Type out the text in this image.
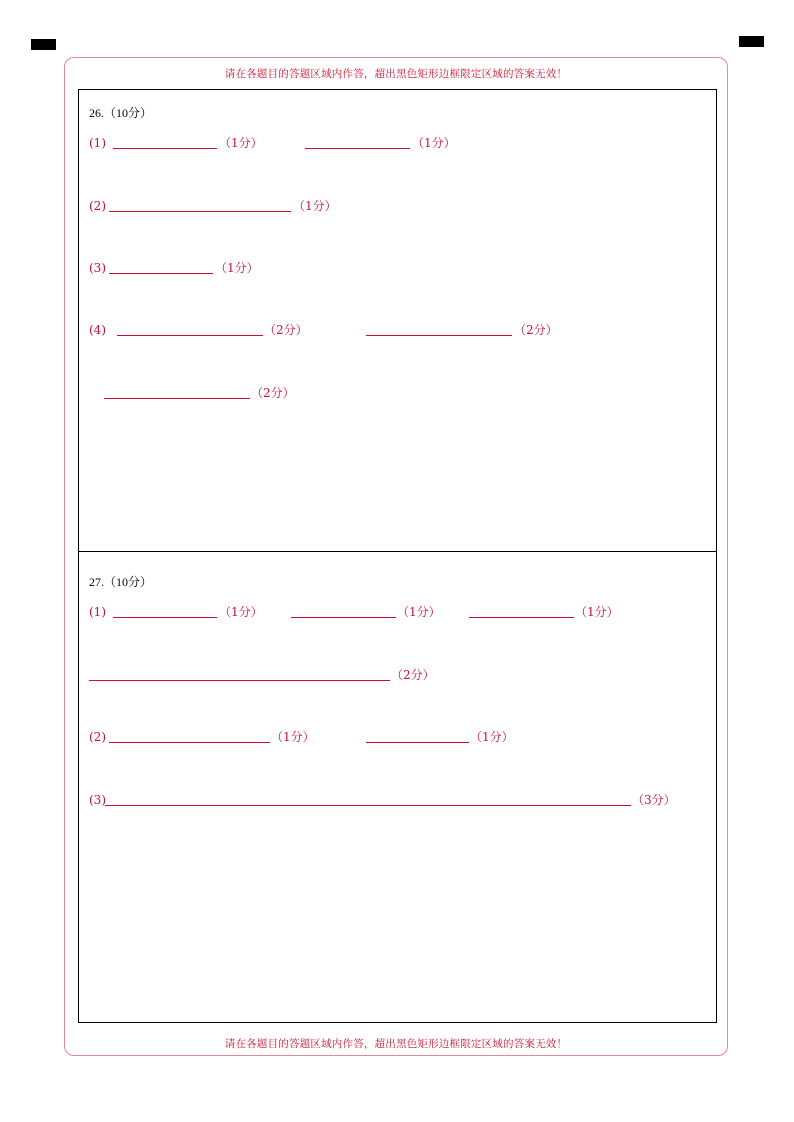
请在各题目的答题区域内作答，超出黑色矩形边框限定区域的答案无效！
请在各题目的答题区域内作答，超出黑色矩形边框限定区域的答案无效！
26.（10分）
(1)	（1分）	（1分）
(2)	（1分）
(3)	（1分）
(4)	（2分）	（2分）
（2分）
27.（10分）
(1)	（1分）	（1分）	（1分）
（2分）
(2)	（1分）	（1分）
(3)	（3分）
